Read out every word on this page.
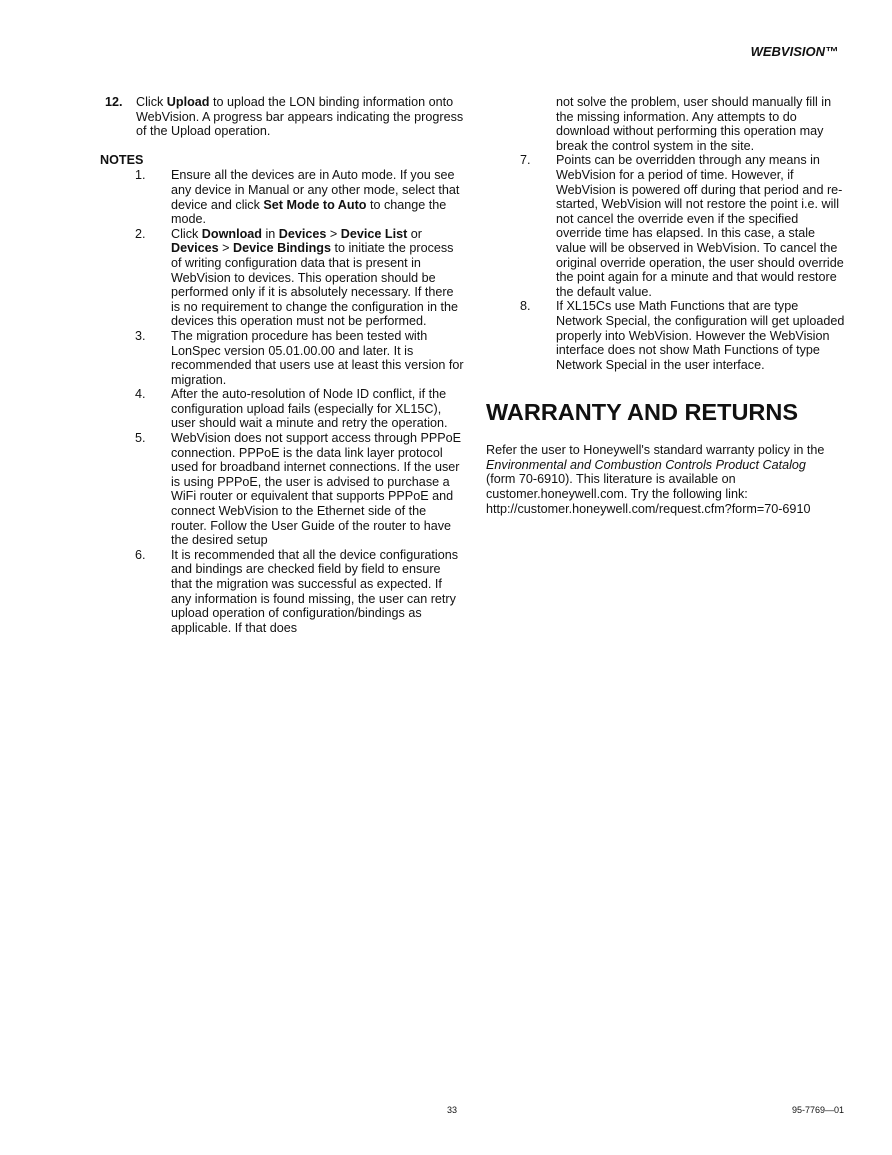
WEBVISION™
12. Click Upload to upload the LON binding information onto WebVision. A progress bar appears indicating the progress of the Upload operation.
NOTES
1. Ensure all the devices are in Auto mode. If you see any device in Manual or any other mode, select that device and click Set Mode to Auto to change the mode.
2. Click Download in Devices > Device List or Devices > Device Bindings to initiate the process of writing configuration data that is present in WebVision to devices. This operation should be performed only if it is absolutely necessary. If there is no requirement to change the configuration in the devices this operation must not be performed.
3. The migration procedure has been tested with LonSpec version 05.01.00.00 and later. It is recommended that users use at least this version for migration.
4. After the auto-resolution of Node ID conflict, if the configuration upload fails (especially for XL15C), user should wait a minute and retry the operation.
5. WebVision does not support access through PPPoE connection. PPPoE is the data link layer protocol used for broadband internet connections. If the user is using PPPoE, the user is advised to purchase a WiFi router or equivalent that supports PPPoE and connect WebVision to the Ethernet side of the router. Follow the User Guide of the router to have the desired setup
6. It is recommended that all the device configurations and bindings are checked field by field to ensure that the migration was successful as expected. If any information is found missing, the user can retry upload operation of configuration/bindings as applicable. If that does
not solve the problem, user should manually fill in the missing information. Any attempts to do download without performing this operation may break the control system in the site.
7. Points can be overridden through any means in WebVision for a period of time. However, if WebVision is powered off during that period and re-started, WebVision will not restore the point i.e. will not cancel the override even if the specified override time has elapsed. In this case, a stale value will be observed in WebVision. To cancel the original override operation, the user should override the point again for a minute and that would restore the default value.
8. If XL15Cs use Math Functions that are type Network Special, the configuration will get uploaded properly into WebVision. However the WebVision interface does not show Math Functions of type Network Special in the user interface.
WARRANTY AND RETURNS

Refer the user to Honeywell's standard warranty policy in the

Environmental and Combustion Controls Product Catalog

(form 70-6910). This literature is available on

customer.honeywell.com. Try the following link:

http://customer.honeywell.com/request.cfm?form=70-6910

33	95-7769—01
